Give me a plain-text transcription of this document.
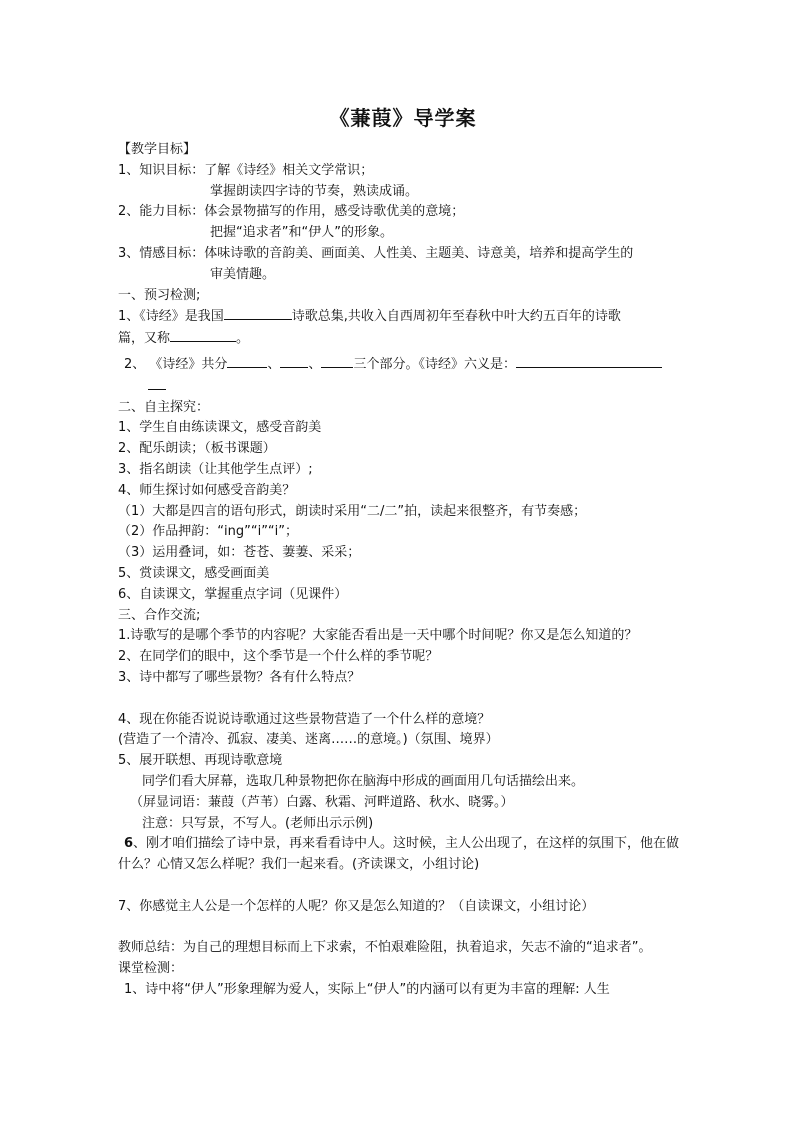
《蒹葭》导学案
【教学目标】
1、知识目标：了解《诗经》相关文学常识；
掌握朗读四字诗的节奏，熟读成诵。
2、能力目标：体会景物描写的作用，感受诗歌优美的意境；
把握“追求者”和“伊人”的形象。
3、情感目标：体味诗歌的音韵美、画面美、人性美、主题美、诗意美，培养和提高学生的
审美情趣。
一、预习检测;
1、《诗经》是我国	诗歌总集,共收入自西周初年至春秋中叶大约五百年的诗歌
篇，又称	。
2、 《诗经》共分	、 、 三个部分。《诗经》六义是：
二、自主探究：
1、学生自由练读课文，感受音韵美
2、配乐朗读；（板书课题）
3、指名朗读（让其他学生点评）;
4、师生探讨如何感受音韵美？
（1）大都是四言的语句形式，朗读时采用“二/二”拍，读起来很整齐，有节奏感；
（2）作品押韵：“ing”“i”“i”；
（3）运用叠词，如：苍苍、萋萋、采采；
5、赏读课文，感受画面美
6、自读课文，掌握重点字词（见课件）
三、合作交流;
1.诗歌写的是哪个季节的内容呢？大家能否看出是一天中哪个时间呢？你又是怎么知道的？
2、在同学们的眼中，这个季节是一个什么样的季节呢？
3、诗中都写了哪些景物？各有什么特点？
4、现在你能否说说诗歌通过这些景物营造了一个什么样的意境？
(营造了一个清冷、孤寂、凄美、迷离……的意境。)（氛围、境界）
5、展开联想、再现诗歌意境
同学们看大屏幕，选取几种景物把你在脑海中形成的画面用几句话描绘出来。
（屏显词语：蒹葭（芦苇）白露、秋霜、河畔道路、秋水、晓雾。）
注意：只写景，不写人。(老师出示示例)
6、刚才咱们描绘了诗中景，再来看看诗中人。这时候，主人公出现了，在这样的氛围下，他在做什么？心情又怎么样呢？我们一起来看。(齐读课文，小组讨论)
7、你感觉主人公是一个怎样的人呢？你又是怎么知道的？（自读课文，小组讨论）
教师总结：为自己的理想目标而上下求索，不怕艰难险阻，执着追求，矢志不渝的“追求者”。
课堂检测：
1、诗中将“伊人”形象理解为爱人，实际上“伊人”的内涵可以有更为丰富的理解: 人生
